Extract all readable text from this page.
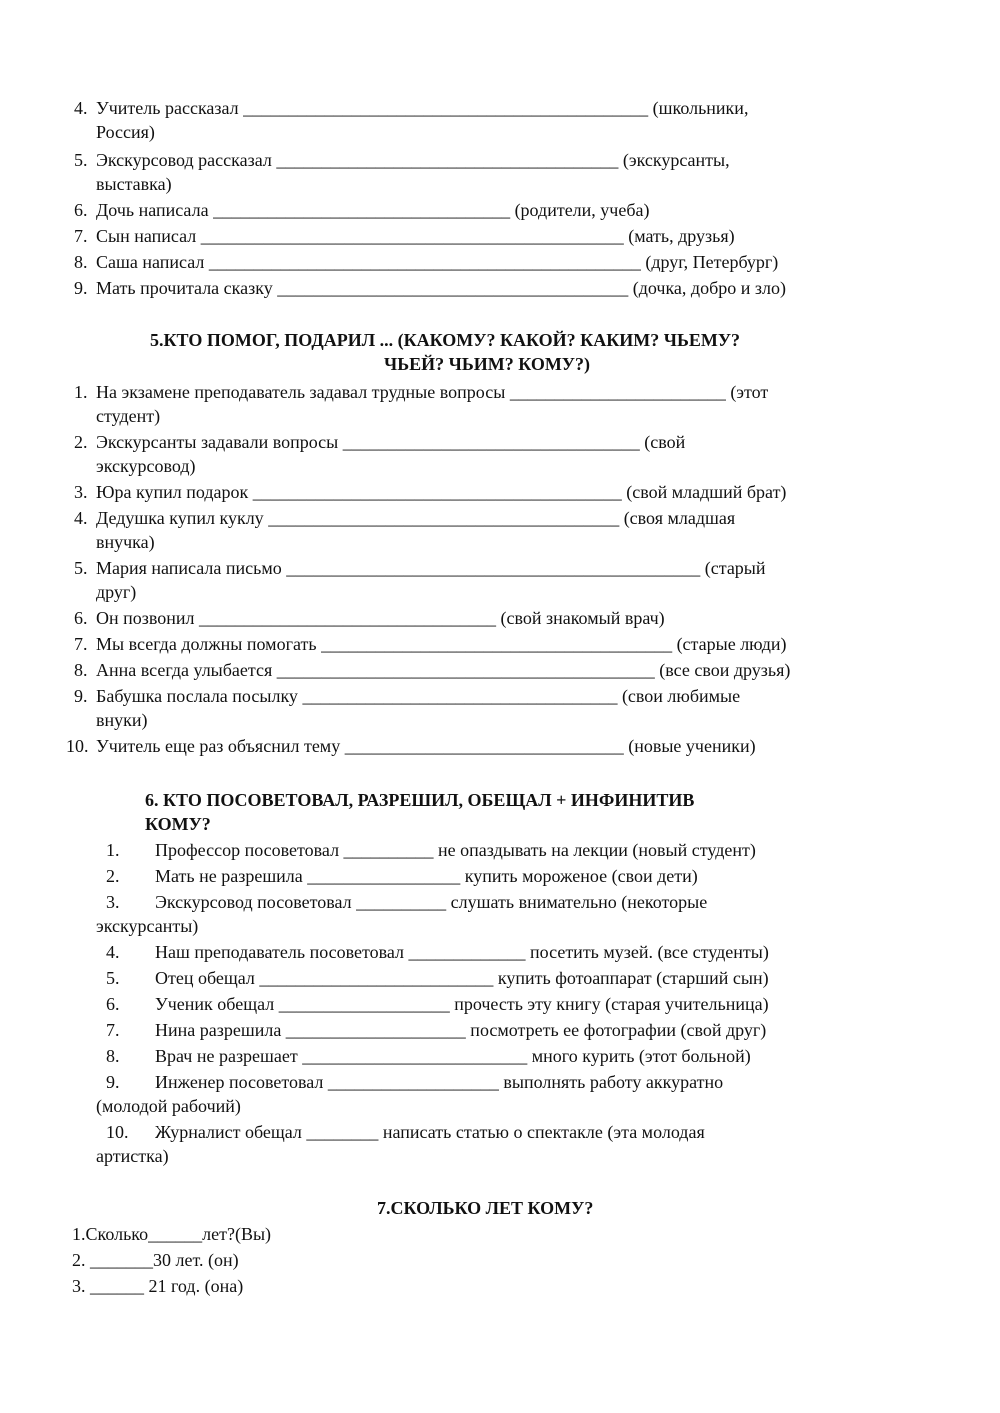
4. Учитель рассказал _____________________________________________ (школьники,
Россия)
5. Экскурсовод рассказал ______________________________________ (экскурсанты,
выставка)
6. Дочь написала _________________________________ (родители, учеба)
7. Сын написал _______________________________________________ (мать, друзья)
8. Саша написал ________________________________________________ (друг, Петербург)
9. Мать прочитала сказку _______________________________________ (дочка, добро и зло)
5.КТО ПОМОГ, ПОДАРИЛ ... (КАКОМУ? КАКОЙ? КАКИМ? ЧЬЕМУ?
ЧЬЕЙ? ЧЬИМ? КОМУ?)
1. На экзамене преподаватель задавал трудные вопросы ________________________ (этот
студент)
2. Экскурсанты задавали вопросы _________________________________ (свой
экскурсовод)
3. Юра купил подарок _________________________________________ (свой младший брат)
4. Дедушка купил куклу _______________________________________ (своя младшая
внучка)
5. Мария написала письмо ______________________________________________ (старый
друг)
6. Он позвонил _________________________________ (свой знакомый врач)
7. Мы всегда должны помогать _______________________________________ (старые люди)
8. Анна всегда улыбается __________________________________________ (все свои друзья)
9. Бабушка послала посылку ___________________________________ (свои любимые
внуки)
10. Учитель еще раз объяснил тему _______________________________ (новые ученики)
6. КТО ПОСОВЕТОВАЛ, РАЗРЕШИЛ, ОБЕЩАЛ + ИНФИНИТИВ
КОМУ?
1. Профессор посоветовал __________ не опаздывать на лекции (новый студент)
2. Мать не разрешила _________________ купить мороженое (свои дети)
3. Экскурсовод посоветовал __________ слушать внимательно (некоторые
экскурсанты)
4. Наш преподаватель посоветовал _____________ посетить музей. (все студенты)
5. Отец обещал __________________________ купить фотоаппарат (старший сын)
6. Ученик обещал ___________________ прочесть эту книгу (старая учительница)
7. Нина разрешила ____________________ посмотреть ее фотографии (свой друг)
8. Врач не разрешает _________________________ много курить (этот больной)
9. Инженер посоветовал ___________________ выполнять работу аккуратно
(молодой рабочий)
10. Журналист обещал ________ написать статью о спектакле (эта молодая
артистка)
7.СКОЛЬКО ЛЕТ КОМУ?
1.Сколько______лет?(Вы)
2. _______30 лет. (он)
3. ______ 21 год. (она)
